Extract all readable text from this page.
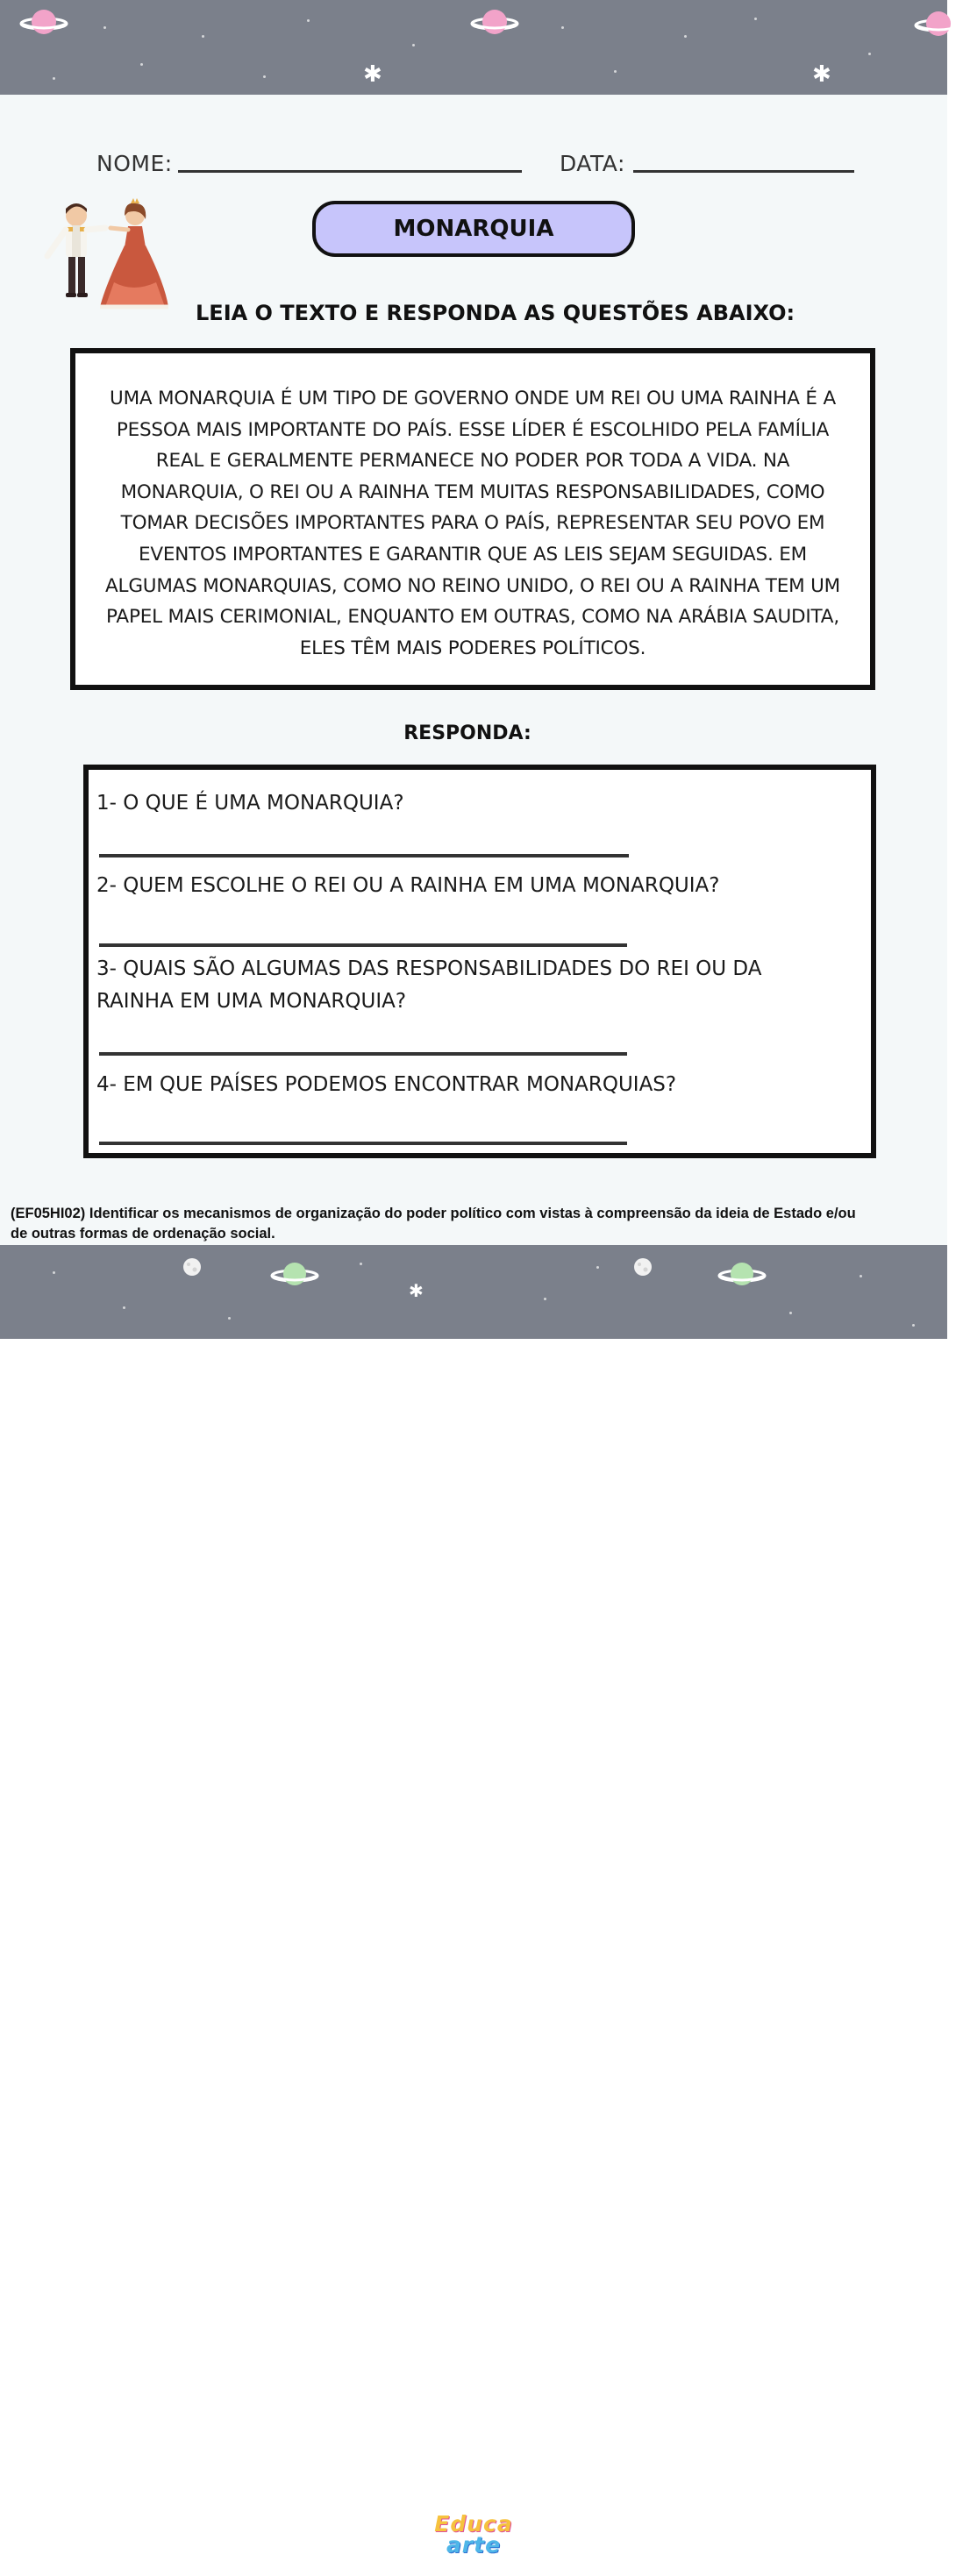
✱	✱
NOME:	DATA:
MONARQUIA
LEIA O TEXTO E RESPONDA AS QUESTÕES ABAIXO:

UMA MONARQUIA É UM TIPO DE GOVERNO ONDE UM REI OU UMA RAINHA É A

PESSOA MAIS IMPORTANTE DO PAÍS. ESSE LÍDER É ESCOLHIDO PELA FAMÍLIA

REAL E GERALMENTE PERMANECE NO PODER POR TODA A VIDA. NA

MONARQUIA, O REI OU A RAINHA TEM MUITAS RESPONSABILIDADES, COMO

TOMAR DECISÕES IMPORTANTES PARA O PAÍS, REPRESENTAR SEU POVO EM

EVENTOS IMPORTANTES E GARANTIR QUE AS LEIS SEJAM SEGUIDAS. EM

ALGUMAS MONARQUIAS, COMO NO REINO UNIDO, O REI OU A RAINHA TEM UM

PAPEL MAIS CERIMONIAL, ENQUANTO EM OUTRAS, COMO NA ARÁBIA SAUDITA,

ELES TÊM MAIS PODERES POLÍTICOS.

RESPONDA:
1- O QUE É UMA MONARQUIA?
2- QUEM ESCOLHE O REI OU A RAINHA EM UMA MONARQUIA?
3- QUAIS SÃO ALGUMAS DAS RESPONSABILIDADES DO REI OU DA
RAINHA EM UMA MONARQUIA?
4- EM QUE PAÍSES PODEMOS ENCONTRAR MONARQUIAS?
(EF05HI02) Identificar os mecanismos de organização do poder político com vistas à compreensão da ideia de Estado e/ou
de outras formas de ordenação social.
✱
Educa
arte
Materiais Pedagógicos
